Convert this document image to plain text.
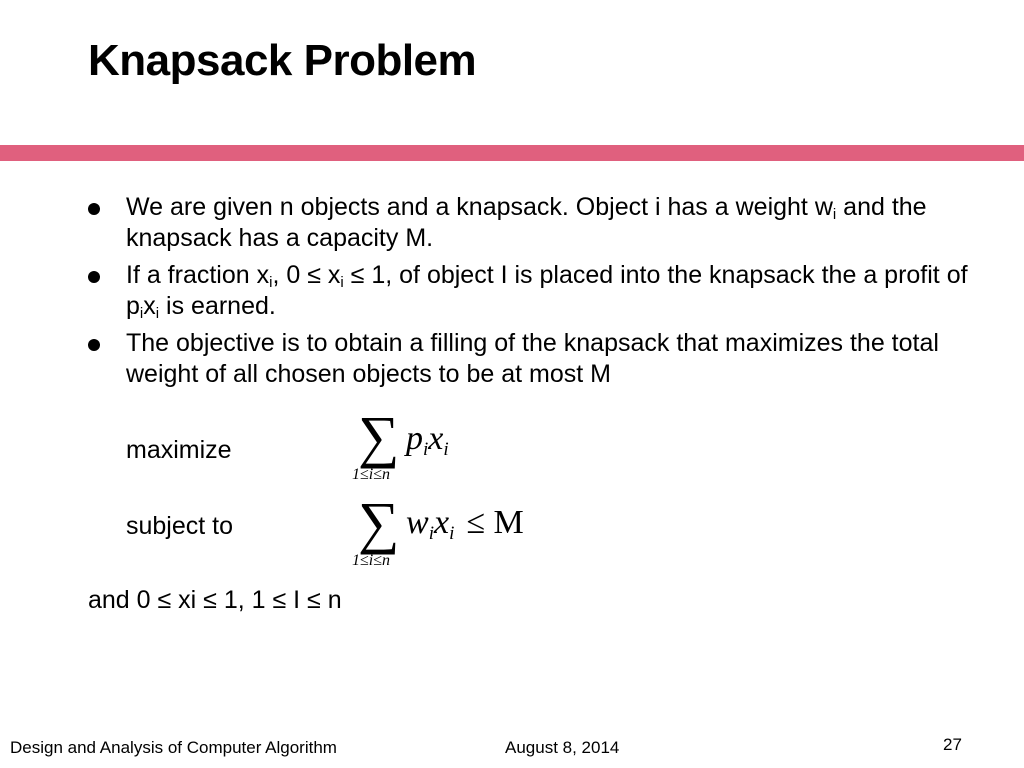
Knapsack Problem
We are given n objects and a knapsack. Object i has a weight $w_i$ and the knapsack has a capacity M.
If a fraction $x_i$, $0 \le x_i \le 1$, of object I is placed into the knapsack the a profit of $p_ix_i$ is earned.
The objective is to obtain a filling of the knapsack that maximizes the total weight of all chosen objects to be at most M
maximize ∑ $p_ix_i$
1≤i≤n
subject to ∑ $w_ix_i \le M$
1≤i≤n
and 0 ≤ xi ≤ 1, 1 ≤ I ≤ n
Design and Analysis of Computer Algorithm	August 8, 2014	27
